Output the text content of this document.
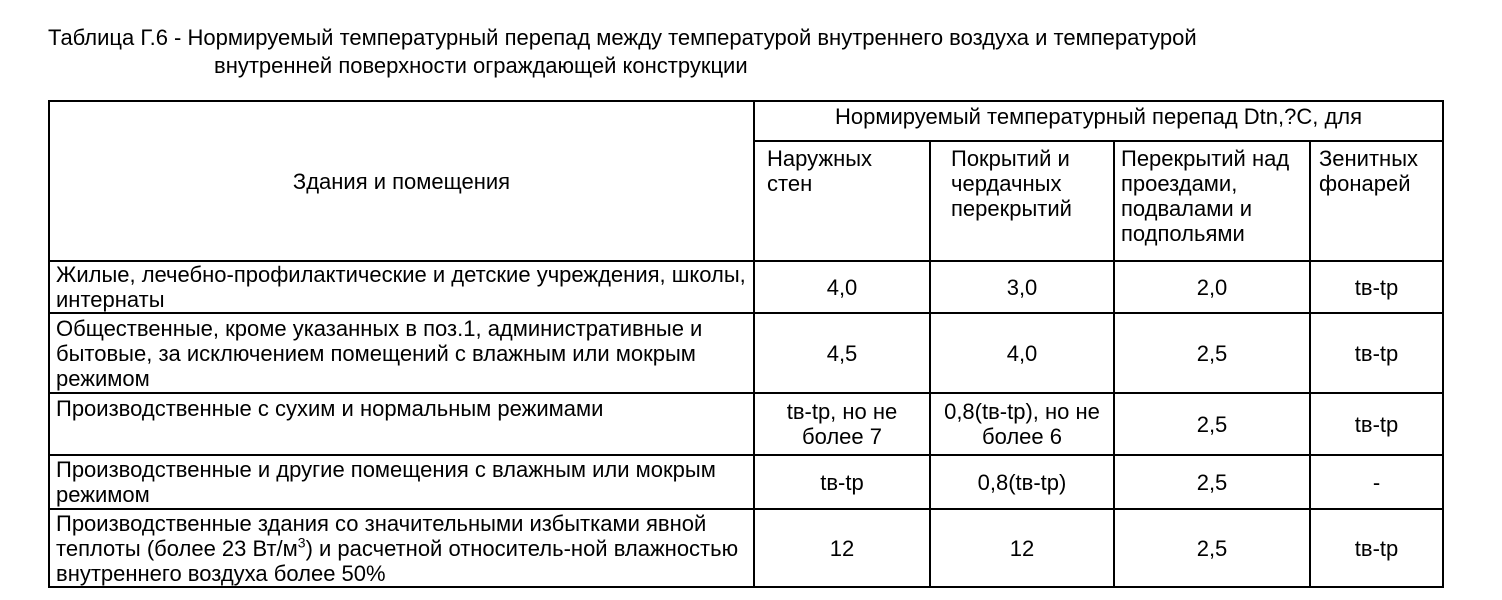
Таблица Г.6 - Нормируемый температурный перепад между температурой внутреннего воздуха и температурой
внутренней поверхности ограждающей конструкции
Здания и помещения	Нормируемый температурный перепад Dtn,?C, для			
	Наружных стен	Покрытий и чердачных перекрытий	Перекрытий над проездами, подвалами и подпольями	Зенитных фонарей
Жилые, лечебно-профилактические и детские учреждения, школы, интернаты	4,0	3,0	2,0	tв-tр
Общественные, кроме указанных в поз.1, административные и бытовые, за исключением помещений с влажным или мокрым режимом	4,5	4,0	2,5	tв-tр
Производственные с сухим и нормальным режимами	tв-tр, но не более 7	0,8(tв-tр), но не более 6	2,5	tв-tр
Производственные и другие помещения с влажным или мокрым режимом	tв-tр	0,8(tв-tр)	2,5	-
Производственные здания со значительными избытками явной теплоты (более 23 $Вт/м^3$) и расчетной относитель-ной влажностью внутреннего воздуха более 50%	12	12	2,5	tв-tр
